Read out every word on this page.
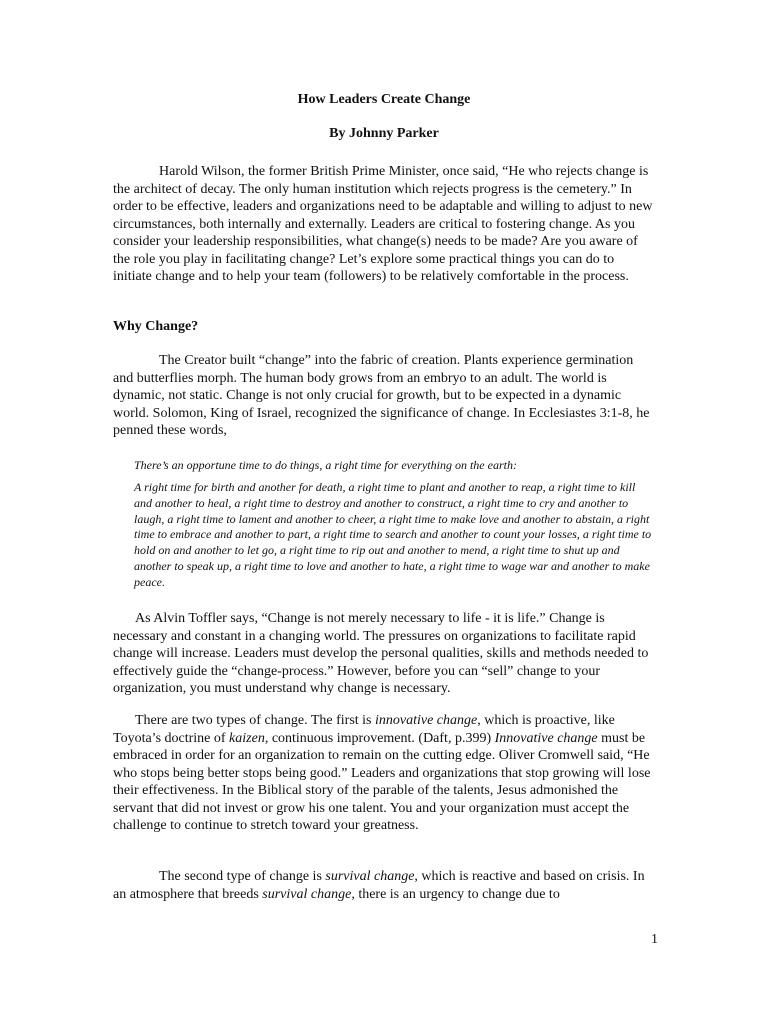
How Leaders Create Change
By Johnny Parker

Harold Wilson, the former British Prime Minister, once said, “He who rejects change is the architect of decay. The only human institution which rejects progress is the cemetery.” In order to be effective, leaders and organizations need to be adaptable and willing to adjust to new circumstances, both internally and externally. Leaders are critical to fostering change. As you consider your leadership responsibilities, what change(s) needs to be made? Are you aware of the role you play in facilitating change? Let’s explore some practical things you can do to initiate change and to help your team (followers) to be relatively comfortable in the process.

Why Change?

The Creator built “change” into the fabric of creation. Plants experience germination and butterflies morph. The human body grows from an embryo to an adult. The world is dynamic, not static. Change is not only crucial for growth, but to be expected in a dynamic world. Solomon, King of Israel, recognized the significance of change. In Ecclesiastes 3:1-8, he penned these words,

There’s an opportune time to do things, a right time for everything on the earth:

A right time for birth and another for death, a right time to plant and another to reap, a right time to kill and another to heal, a right time to destroy and another to construct, a right time to cry and another to laugh, a right time to lament and another to cheer, a right time to make love and another to abstain, a right time to embrace and another to part, a right time to search and another to count your losses, a right time to hold on and another to let go, a right time to rip out and another to mend, a right time to shut up and another to speak up, a right time to love and another to hate, a right time to wage war and another to make peace.

As Alvin Toffler says, “Change is not merely necessary to life - it is life.” Change is necessary and constant in a changing world. The pressures on organizations to facilitate rapid change will increase. Leaders must develop the personal qualities, skills and methods needed to effectively guide the “change-process.” However, before you can “sell” change to your organization, you must understand why change is necessary.

There are two types of change. The first is innovative change, which is proactive, like Toyota’s doctrine of kaizen, continuous improvement. (Daft, p.399) Innovative change must be embraced in order for an organization to remain on the cutting edge. Oliver Cromwell said, “He who stops being better stops being good.” Leaders and organizations that stop growing will lose their effectiveness. In the Biblical story of the parable of the talents, Jesus admonished the servant that did not invest or grow his one talent. You and your organization must accept the challenge to continue to stretch toward your greatness.

The second type of change is survival change, which is reactive and based on crisis. In an atmosphere that breeds survival change, there is an urgency to change due to

1
